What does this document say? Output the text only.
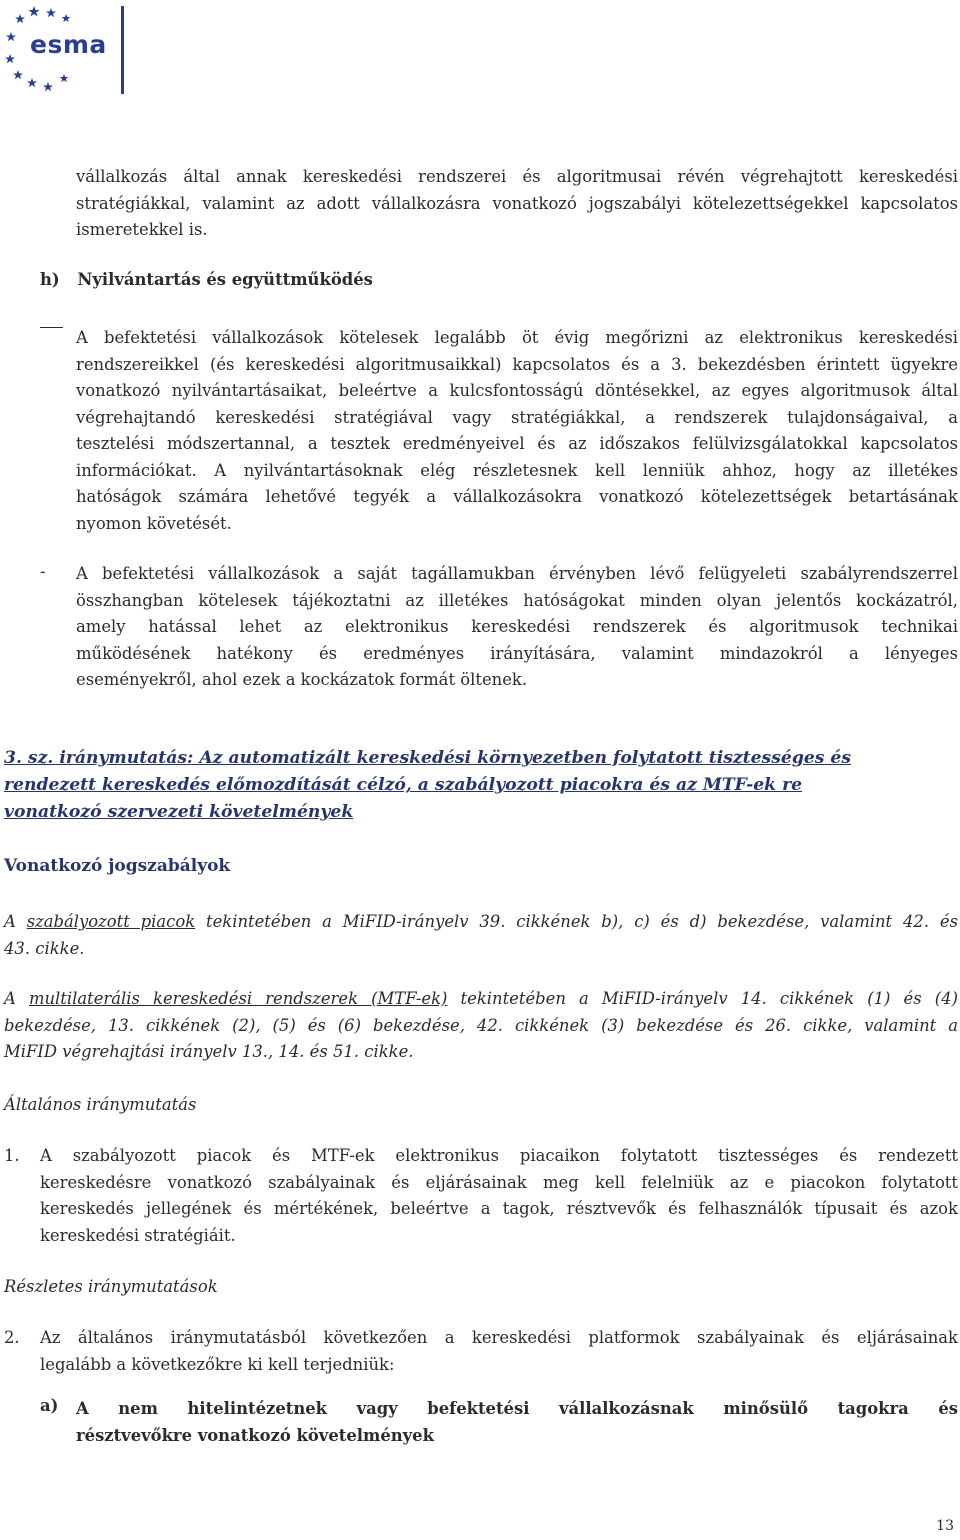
esma
vállalkozás által annak kereskedési rendszerei és algoritmusai révén végrehajtott kereskedési
stratégiákkal, valamint az adott vállalkozásra vonatkozó jogszabályi kötelezettségekkel kapcsolatos
ismeretekkel is.
h) Nyilvántartás és együttműködés
A befektetési vállalkozások kötelesek legalább öt évig megőrizni az elektronikus kereskedési
rendszereikkel (és kereskedési algoritmusaikkal) kapcsolatos és a 3. bekezdésben érintett ügyekre
vonatkozó nyilvántartásaikat, beleértve a kulcsfontosságú döntésekkel, az egyes algoritmusok által
végrehajtandó kereskedési stratégiával vagy stratégiákkal, a rendszerek tulajdonságaival, a
tesztelési módszertannal, a tesztek eredményeivel és az időszakos felülvizsgálatokkal kapcsolatos
információkat. A nyilvántartásoknak elég részletesnek kell lenniük ahhoz, hogy az illetékes
hatóságok számára lehetővé tegyék a vállalkozásokra vonatkozó kötelezettségek betartásának
nyomon követését.
- A befektetési vállalkozások a saját tagállamukban érvényben lévő felügyeleti szabályrendszerrel
összhangban kötelesek tájékoztatni az illetékes hatóságokat minden olyan jelentős kockázatról,
amely hatással lehet az elektronikus kereskedési rendszerek és algoritmusok technikai
működésének hatékony és eredményes irányítására, valamint mindazokról a lényeges
eseményekről, ahol ezek a kockázatok formát öltenek.
3. sz. iránymutatás: Az automatizált kereskedési környezetben folytatott tisztességes és
rendezett kereskedés előmozdítását célzó, a szabályozott piacokra és az MTF-ek re
vonatkozó szervezeti követelmények
Vonatkozó jogszabályok
A szabályozott piacok tekintetében a MiFID-irányelv 39. cikkének b), c) és d) bekezdése, valamint 42. és
43. cikke.
A multilaterális kereskedési rendszerek (MTF-ek) tekintetében a MiFID-irányelv 14. cikkének (1) és (4)
bekezdése, 13. cikkének (2), (5) és (6) bekezdése, 42. cikkének (3) bekezdése és 26. cikke, valamint a
MiFID végrehajtási irányelv 13., 14. és 51. cikke.
Általános iránymutatás
1. A szabályozott piacok és MTF-ek elektronikus piacaikon folytatott tisztességes és rendezett
kereskedésre vonatkozó szabályainak és eljárásainak meg kell felelniük az e piacokon folytatott
kereskedés jellegének és mértékének, beleértve a tagok, résztvevők és felhasználók típusait és azok
kereskedési stratégiáit.
Részletes iránymutatások
2. Az általános iránymutatásból következően a kereskedési platformok szabályainak és eljárásainak
legalább a következőkre ki kell terjedniük:
a) A nem hitelintézetnek vagy befektetési vállalkozásnak minősülő tagokra és
résztvevőkre vonatkozó követelmények
13
